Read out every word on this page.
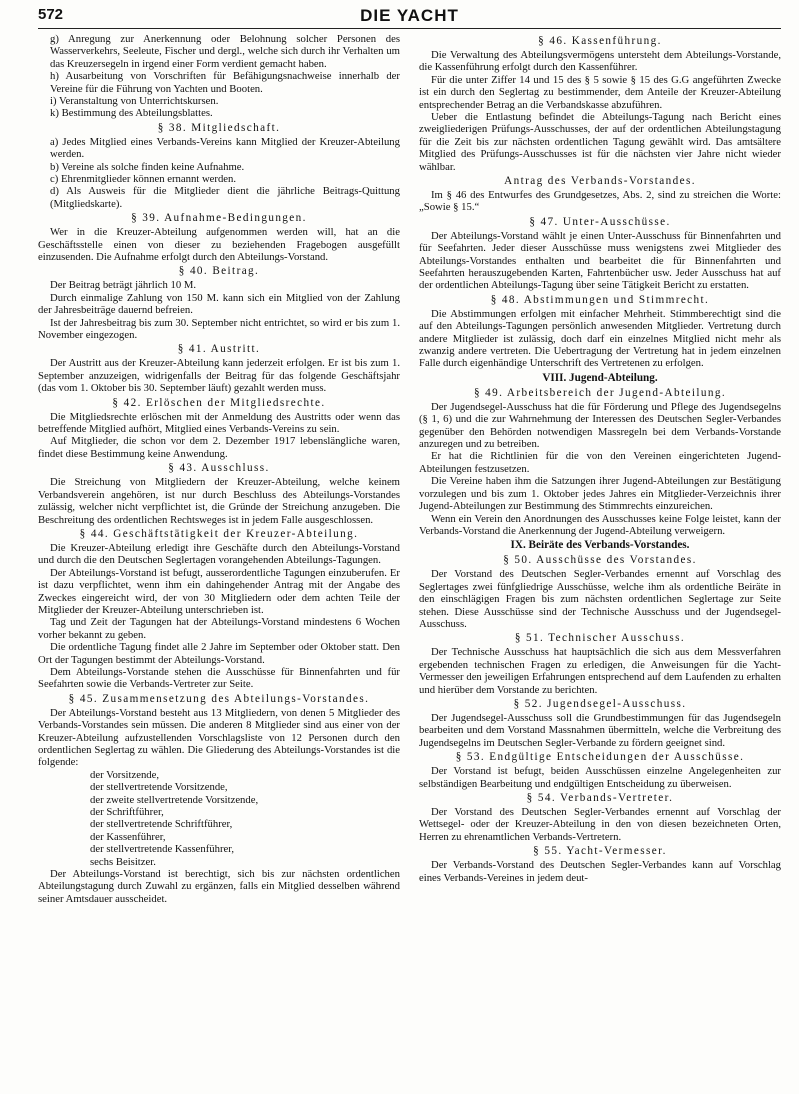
572	DIE YACHT

g) Anregung zur Anerkennung oder Belohnung solcher Personen des Wasserverkehrs, Seeleute, Fischer und dergl., welche sich durch ihr Verhalten um das Kreuzersegeln in irgend einer Form verdient gemacht haben.

h) Ausarbeitung von Vorschriften für Befähigungsnachweise innerhalb der Vereine für die Führung von Yachten und Booten.

i) Veranstaltung von Unterrichtskursen.

k) Bestimmung des Abteilungsblattes.

§ 38. Mitgliedschaft.

a) Jedes Mitglied eines Verbands-Vereins kann Mitglied der Kreuzer-Abteilung werden.

b) Vereine als solche finden keine Aufnahme.

c) Ehrenmitglieder können ernannt werden.

d) Als Ausweis für die Mitglieder dient die jährliche Beitrags-Quittung (Mitgliedskarte).

§ 39. Aufnahme-Bedingungen.

Wer in die Kreuzer-Abteilung aufgenommen werden will, hat an die Geschäftsstelle einen von dieser zu beziehenden Fragebogen ausgefüllt einzusenden. Die Aufnahme erfolgt durch den Abteilungs-Vorstand.

§ 40. Beitrag.

Der Beitrag beträgt jährlich 10 M.

Durch einmalige Zahlung von 150 M. kann sich ein Mitglied von der Zahlung der Jahresbeiträge dauernd befreien.

Ist der Jahresbeitrag bis zum 30. September nicht entrichtet, so wird er bis zum 1. November eingezogen.

§ 41. Austritt.

Der Austritt aus der Kreuzer-Abteilung kann jederzeit erfolgen. Er ist bis zum 1. September anzuzeigen, widrigenfalls der Beitrag für das folgende Geschäftsjahr (das vom 1. Oktober bis 30. September läuft) gezahlt werden muss.

§ 42. Erlöschen der Mitgliedsrechte.

Die Mitgliedsrechte erlöschen mit der Anmeldung des Austritts oder wenn das betreffende Mitglied aufhört, Mitglied eines Verbands-Vereins zu sein.

Auf Mitglieder, die schon vor dem 2. Dezember 1917 lebenslängliche waren, findet diese Bestimmung keine Anwendung.

§ 43. Ausschluss.

Die Streichung von Mitgliedern der Kreuzer-Abteilung, welche keinem Verbandsverein angehören, ist nur durch Beschluss des Abteilungs-Vorstandes zulässig, welcher nicht verpflichtet ist, die Gründe der Streichung anzugeben. Die Beschreitung des ordentlichen Rechtsweges ist in jedem Falle ausgeschlossen.

§ 44. Geschäftstätigkeit der Kreuzer-Abteilung.

Die Kreuzer-Abteilung erledigt ihre Geschäfte durch den Abteilungs-Vorstand und durch die den Deutschen Seglertagen vorangehenden Abteilungs-Tagungen.

Der Abteilungs-Vorstand ist befugt, ausserordentliche Tagungen einzuberufen. Er ist dazu verpflichtet, wenn ihm ein dahingehender Antrag mit der Angabe des Zweckes eingereicht wird, der von 30 Mitgliedern oder dem achten Teile der Mitglieder der Kreuzer-Abteilung unterschrieben ist.

Tag und Zeit der Tagungen hat der Abteilungs-Vorstand mindestens 6 Wochen vorher bekannt zu geben.

Die ordentliche Tagung findet alle 2 Jahre im September oder Oktober statt. Den Ort der Tagungen bestimmt der Abteilungs-Vorstand.

Dem Abteilungs-Vorstande stehen die Ausschüsse für Binnenfahrten und für Seefahrten sowie die Verbands-Vertreter zur Seite.

§ 45. Zusammensetzung des Abteilungs-Vorstandes.

Der Abteilungs-Vorstand besteht aus 13 Mitgliedern, von denen 5 Mitglieder des Verbands-Vorstandes sein müssen. Die anderen 8 Mitglieder sind aus einer von der Kreuzer-Abteilung aufzustellenden Vorschlagsliste von 12 Personen durch den ordentlichen Seglertag zu wählen. Die Gliederung des Abteilungs-Vorstandes ist die folgende:

der Vorsitzende,
der stellvertretende Vorsitzende,
der zweite stellvertretende Vorsitzende,
der Schriftführer,
der stellvertretende Schriftführer,
der Kassenführer,
der stellvertretende Kassenführer,
sechs Beisitzer.

Der Abteilungs-Vorstand ist berechtigt, sich bis zur nächsten ordentlichen Abteilungstagung durch Zuwahl zu ergänzen, falls ein Mitglied desselben während seiner Amtsdauer ausscheidet.

§ 46. Kassenführung.

Die Verwaltung des Abteilungsvermögens untersteht dem Abteilungs-Vorstande, die Kassenführung erfolgt durch den Kassenführer.

Für die unter Ziffer 14 und 15 des § 5 sowie § 15 des G.G angeführten Zwecke ist ein durch den Seglertag zu bestimmender, dem Anteile der Kreuzer-Abteilung entsprechender Betrag an die Verbandskasse abzuführen.

Ueber die Entlastung befindet die Abteilungs-Tagung nach Bericht eines zweigliederigen Prüfungs-Ausschusses, der auf der ordentlichen Abteilungstagung für die Zeit bis zur nächsten ordentlichen Tagung gewählt wird. Das amtsältere Mitglied des Prüfungs-Ausschusses ist für die nächsten vier Jahre nicht wieder wählbar.

Antrag des Verbands-Vorstandes.

Im § 46 des Entwurfes des Grundgesetzes, Abs. 2, sind zu streichen die Worte: „Sowie § 15.“

§ 47. Unter-Ausschüsse.

Der Abteilungs-Vorstand wählt je einen Unter-Ausschuss für Binnenfahrten und für Seefahrten. Jeder dieser Ausschüsse muss wenigstens zwei Mitglieder des Abteilungs-Vorstandes enthalten und bearbeitet die für Binnenfahrten und Seefahrten herauszugebenden Karten, Fahrtenbücher usw. Jeder Ausschuss hat auf der ordentlichen Abteilungs-Tagung über seine Tätigkeit Bericht zu erstatten.

§ 48. Abstimmungen und Stimmrecht.

Die Abstimmungen erfolgen mit einfacher Mehrheit. Stimmberechtigt sind die auf den Abteilungs-Tagungen persönlich anwesenden Mitglieder. Vertretung durch andere Mitglieder ist zulässig, doch darf ein einzelnes Mitglied nicht mehr als zwanzig andere vertreten. Die Uebertragung der Vertretung hat in jedem einzelnen Falle durch eigenhändige Unterschrift des Vertretenen zu erfolgen.

VIII. Jugend-Abteilung.
§ 49. Arbeitsbereich der Jugend-Abteilung.

Der Jugendsegel-Ausschuss hat die für Förderung und Pflege des Jugendsegelns (§ 1, 6) und die zur Wahrnehmung der Interessen des Deutschen Segler-Verbandes gegenüber den Behörden notwendigen Massregeln bei dem Verbands-Vorstande anzuregen und zu betreiben.

Er hat die Richtlinien für die von den Vereinen eingerichteten Jugend-Abteilungen festzusetzen.

Die Vereine haben ihm die Satzungen ihrer Jugend-Abteilungen zur Bestätigung vorzulegen und bis zum 1. Oktober jedes Jahres ein Mitglieder-Verzeichnis ihrer Jugend-Abteilungen zur Bestimmung des Stimmrechts einzureichen.

Wenn ein Verein den Anordnungen des Ausschusses keine Folge leistet, kann der Verbands-Vorstand die Anerkennung der Jugend-Abteilung verweigern.

IX. Beiräte des Verbands-Vorstandes.
§ 50. Ausschüsse des Vorstandes.

Der Vorstand des Deutschen Segler-Verbandes ernennt auf Vorschlag des Seglertages zwei fünfgliedrige Ausschüsse, welche ihm als ordentliche Beiräte in den einschlägigen Fragen bis zum nächsten ordentlichen Seglertage zur Seite stehen. Diese Ausschüsse sind der Technische Ausschuss und der Jugendsegel-Ausschuss.

§ 51. Technischer Ausschuss.

Der Technische Ausschuss hat hauptsächlich die sich aus dem Messverfahren ergebenden technischen Fragen zu erledigen, die Anweisungen für die Yacht-Vermesser den jeweiligen Erfahrungen entsprechend auf dem Laufenden zu erhalten und hierüber dem Vorstande zu berichten.

§ 52. Jugendsegel-Ausschuss.

Der Jugendsegel-Ausschuss soll die Grundbestimmungen für das Jugendsegeln bearbeiten und dem Vorstand Massnahmen übermitteln, welche die Verbreitung des Jugendsegelns im Deutschen Segler-Verbande zu fördern geeignet sind.

§ 53. Endgültige Entscheidungen der Ausschüsse.

Der Vorstand ist befugt, beiden Ausschüssen einzelne Angelegenheiten zur selbständigen Bearbeitung und endgültigen Entscheidung zu überweisen.

§ 54. Verbands-Vertreter.

Der Vorstand des Deutschen Segler-Verbandes ernennt auf Vorschlag der Wettsegel- oder der Kreuzer-Abteilung in den von diesen bezeichneten Orten, Herren zu ehrenamtlichen Verbands-Vertretern.

§ 55. Yacht-Vermesser.

Der Verbands-Vorstand des Deutschen Segler-Verbandes kann auf Vorschlag eines Verbands-Vereines in jedem deut-
